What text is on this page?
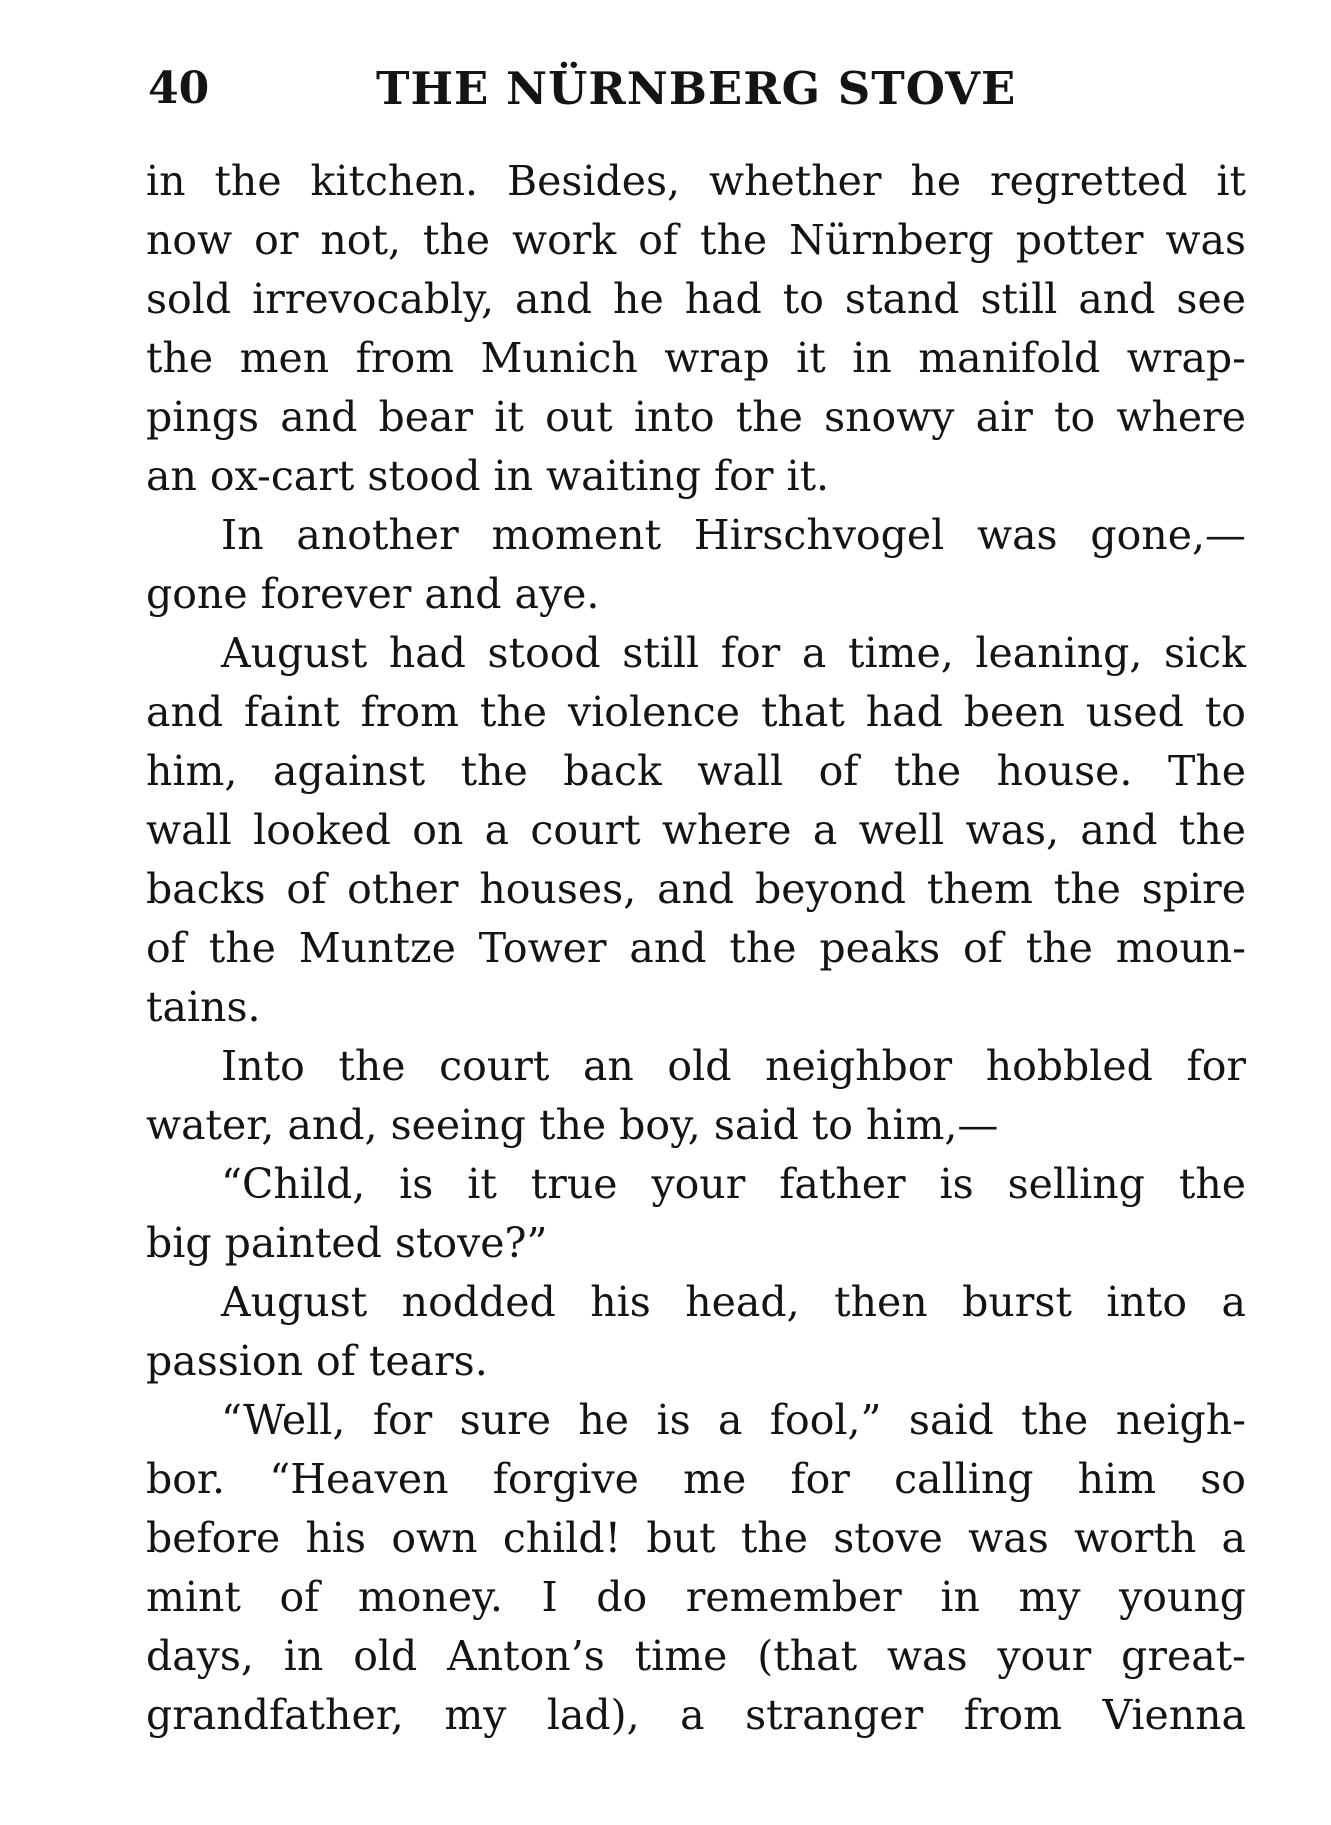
40	THE NÜRNBERG STOVE
in the kitchen. Besides, whether he regretted it
now or not, the work of the Nürnberg potter was
sold irrevocably, and he had to stand still and see
the men from Munich wrap it in manifold wrap-
pings and bear it out into the snowy air to where
an ox-cart stood in waiting for it.
In another moment Hirschvogel was gone,—
gone forever and aye.
August had stood still for a time, leaning, sick
and faint from the violence that had been used to
him, against the back wall of the house. The
wall looked on a court where a well was, and the
backs of other houses, and beyond them the spire
of the Muntze Tower and the peaks of the moun-
tains.
Into the court an old neighbor hobbled for
water, and, seeing the boy, said to him,—
“Child, is it true your father is selling the
big painted stove?”
August nodded his head, then burst into a
passion of tears.
“Well, for sure he is a fool,” said the neigh-
bor. “Heaven forgive me for calling him so
before his own child! but the stove was worth a
mint of money. I do remember in my young
days, in old Anton’s time (that was your great-
grandfather, my lad), a stranger from Vienna
